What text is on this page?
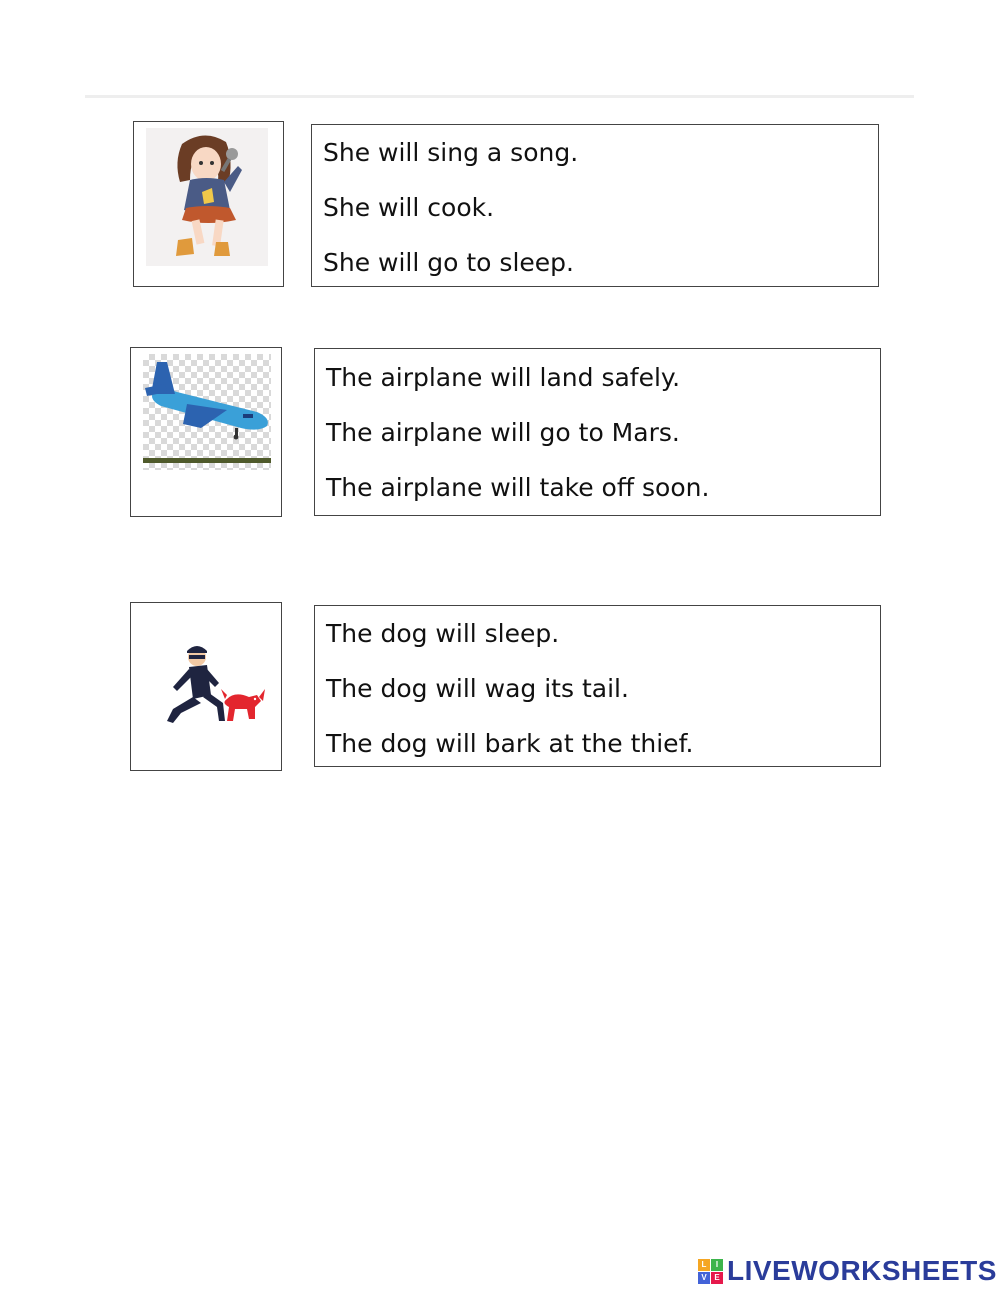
She will sing a song.
She will cook.
She will go to sleep.
The airplane will land safely.
The airplane will go to Mars.
The airplane will take off soon.
The dog will sleep.
The dog will wag its tail.
The dog will bark at the thief.
L	I
V E LIVEWORKSHEETS
